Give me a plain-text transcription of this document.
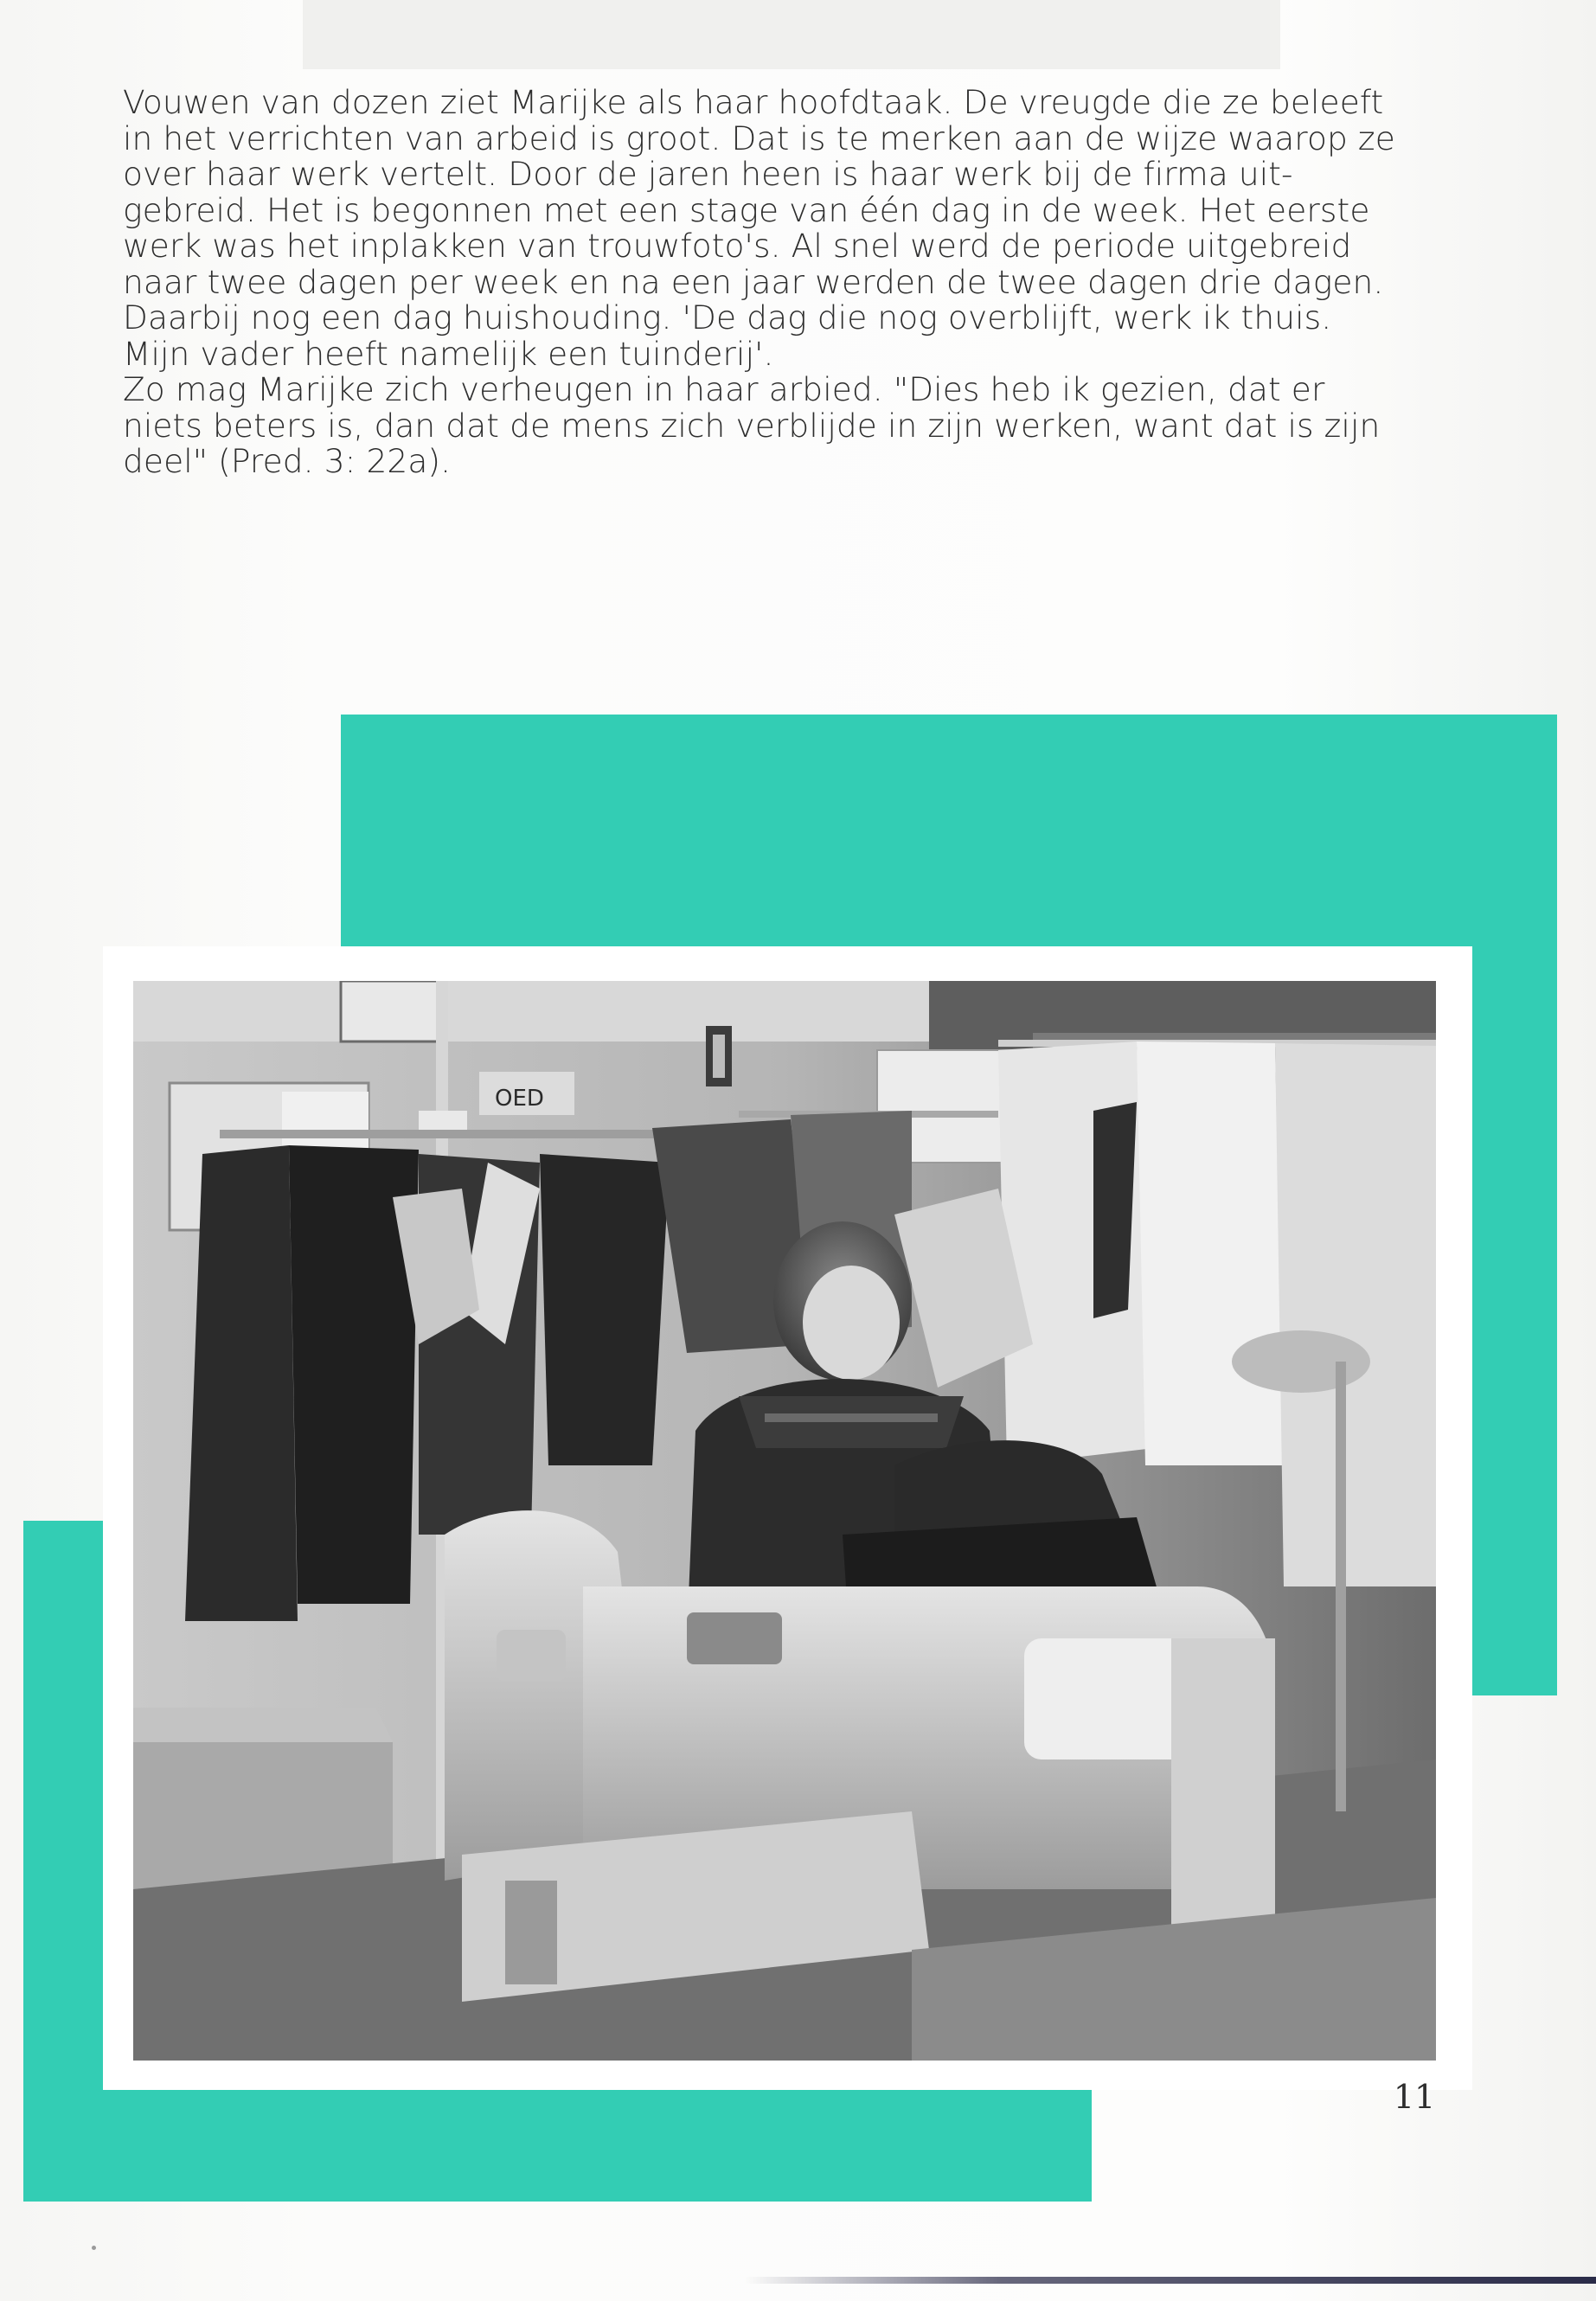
Vouwen van dozen ziet Marijke als haar hoofdtaak. De vreugde die ze beleeft
in het verrichten van arbeid is groot. Dat is te merken aan de wijze waarop ze
over haar werk vertelt. Door de jaren heen is haar werk bij de firma uit-
gebreid. Het is begonnen met een stage van één dag in de week. Het eerste
werk was het inplakken van trouwfoto's. Al snel werd de periode uitgebreid
naar twee dagen per week en na een jaar werden de twee dagen drie dagen.
Daarbij nog een dag huishouding. 'De dag die nog overblijft, werk ik thuis.
Mijn vader heeft namelijk een tuinderij'.
Zo mag Marijke zich verheugen in haar arbied. "Dies heb ik gezien, dat er
niets beters is, dan dat de mens zich verblijde in zijn werken, want dat is zijn
deel" (Pred. 3: 22a).

OED
11
